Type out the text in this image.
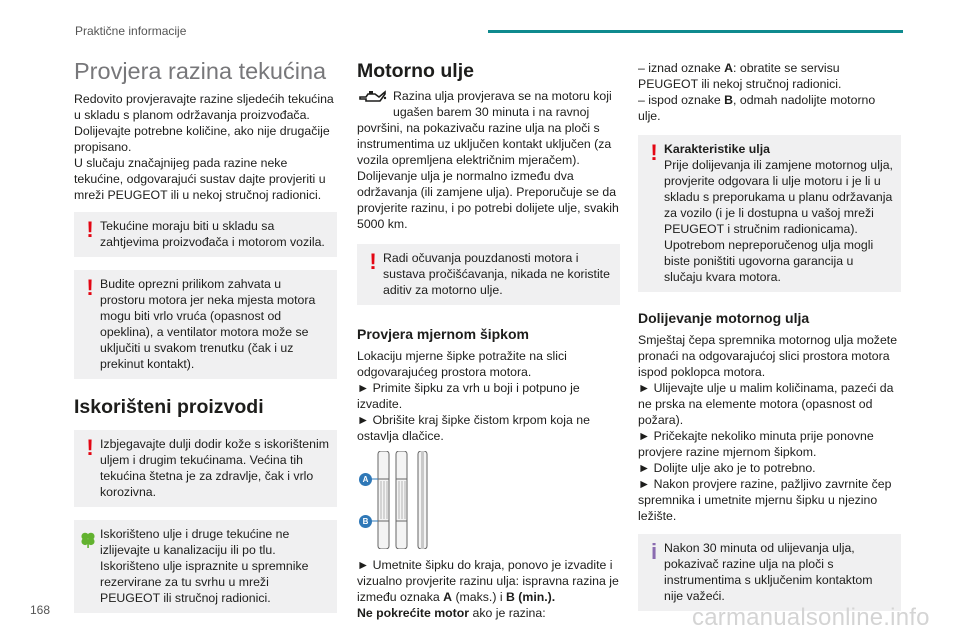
Praktične informacije
Provjera razina tekućina

Redovito provjeravajte razine sljedećih tekućina u skladu s planom održavanja proizvođača. Dolijevajte potrebne količine, ako nije drugačije propisano.

U slučaju značajnijeg pada razine neke tekućine, odgovarajući sustav dajte provjeriti u mreži PEUGEOT ili u nekoj stručnoj radionici.

! Tekućine moraju biti u skladu sa zahtjevima proizvođača i motorom vozila.

! Budite oprezni prilikom zahvata u prostoru motora jer neka mjesta motora mogu biti vrlo vruća (opasnost od opeklina), a ventilator motora može se uključiti u svakom trenutku (čak i uz prekinut kontakt).

Iskorišteni proizvodi
! Izbjegavajte dulji dodir kože s iskorištenim uljem i drugim tekućinama. Većina tih tekućina štetna je za zdravlje, čak i vrlo korozivna.

Iskorišteno ulje i druge tekućine ne izlijevajte u kanalizaciju ili po tlu. Iskorišteno ulje ispraznite u spremnike rezervirane za tu svrhu u mreži PEUGEOT ili stručnoj radionici.

Motorno ulje

Razina ulja provjerava se na motoru koji ugašen barem 30 minuta i na ravnoj površini, na pokazivaču razine ulja na ploči s instrumentima uz uključen kontakt uključen (za vozila opremljena električnim mjeračem).

Dolijevanje ulja je normalno između dva održavanja (ili zamjene ulja). Preporučuje se da provjerite razinu, i po potrebi dolijete ulje, svakih 5000 km.

! Radi očuvanja pouzdanosti motora i sustava pročišćavanja, nikada ne koristite aditiv za motorno ulje.

Provjera mjernom šipkom

Lokaciju mjerne šipke potražite na slici odgovarajućeg prostora motora.

► Primite šipku za vrh u boji i potpuno je izvadite.

► Obrišite kraj šipke čistom krpom koja ne ostavlja dlačice.

A
B

► Umetnite šipku do kraja, ponovo je izvadite i vizualno provjerite razinu ulja: ispravna razina je između oznaka A (maks.) i B (min.).

Ne pokrećite motor ako je razina:

– iznad oznake A: obratite se servisu PEUGEOT ili nekoj stručnoj radionici.

– ispod oznake B, odmah nadolijte motorno ulje.

! Karakteristike ulja

Prije dolijevanja ili zamjene motornog ulja, provjerite odgovara li ulje motoru i je li u skladu s preporukama u planu održavanja za vozilo (i je li dostupna u vašoj mreži PEUGEOT i stručnim radionicama).

Upotrebom nepreporučenog ulja mogli biste poništiti ugovorna garancija u slučaju kvara motora.

Dolijevanje motornog ulja

Smještaj čepa spremnika motornog ulja možete pronaći na odgovarajućoj slici prostora motora ispod poklopca motora.

► Ulijevajte ulje u malim količinama, pazeći da ne prska na elemente motora (opasnost od požara).

► Pričekajte nekoliko minuta prije ponovne provjere razine mjernom šipkom.

► Dolijte ulje ako je to potrebno.

► Nakon provjere razine, pažljivo zavrnite čep spremnika i umetnite mjernu šipku u njezino ležište.

i Nakon 30 minuta od ulijevanja ulja, pokazivač razine ulja na ploči s instrumentima s uključenim kontaktom nije važeći.

168	carmanualsonline.info
